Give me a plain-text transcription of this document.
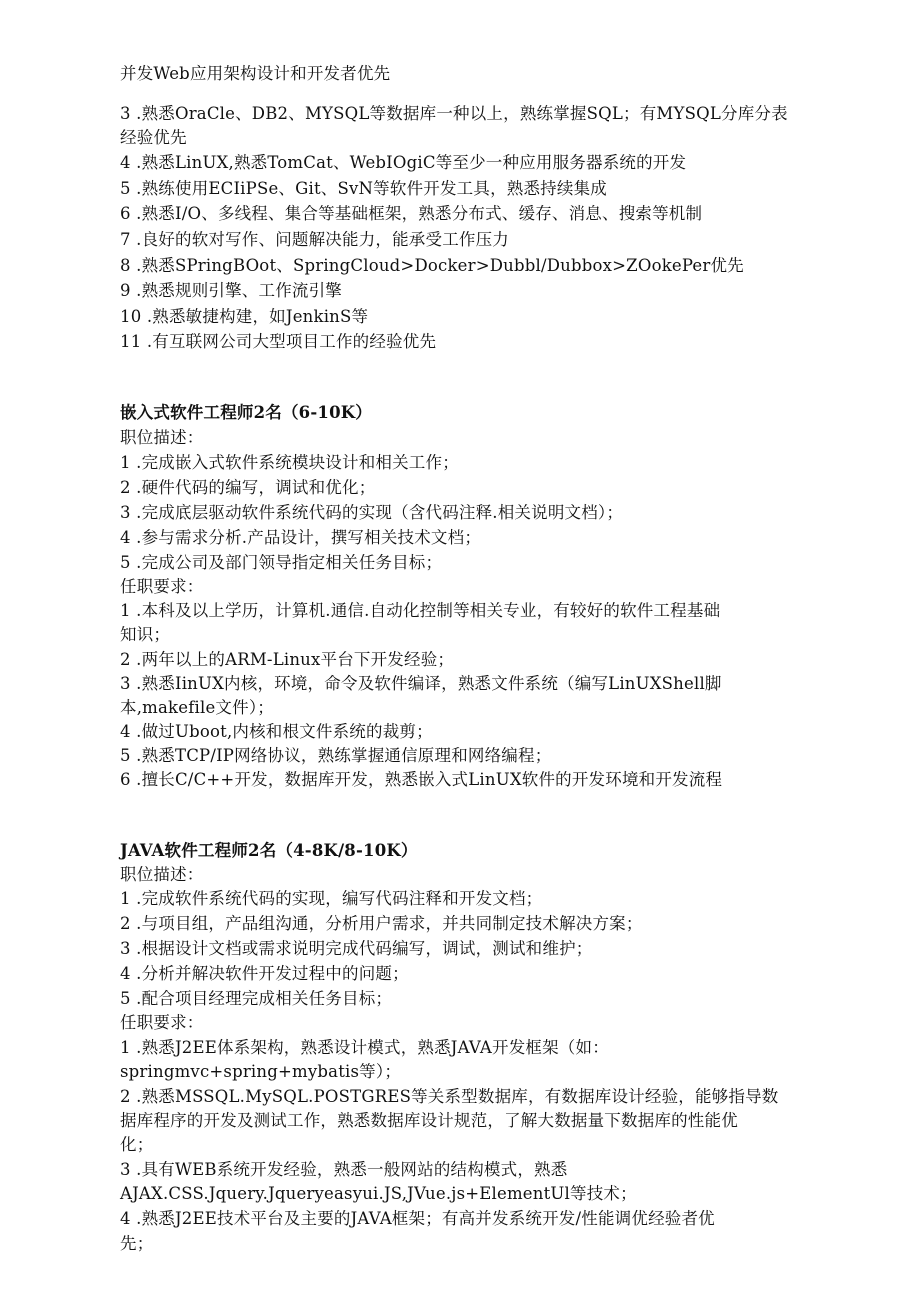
并发Web应用架构设计和开发者优先
3 .熟悉OraCle、DB2、MYSQL等数据库一种以上，熟练掌握SQL；有MYSQL分库分表
经验优先
4 .熟悉LinUX,熟悉TomCat、WebIOgiC等至少一种应用服务器系统的开发
5 .熟练使用ECIiPSe、Git、SvN等软件开发工具，熟悉持续集成
6 .熟悉I/O、多线程、集合等基础框架，熟悉分布式、缓存、消息、搜索等机制
7 .良好的软对写作、问题解决能力，能承受工作压力
8 .熟悉SPringBOot、SpringCloud>Docker>Dubbl/Dubbox>ZOokePer优先
9 .熟悉规则引擎、工作流引擎
10 .熟悉敏捷构建，如JenkinS等
11 .有互联网公司大型项目工作的经验优先
嵌入式软件工程师2名（6-10K）
职位描述：
1 .完成嵌入式软件系统模块设计和相关工作；
2 .硬件代码的编写，调试和优化；
3 .完成底层驱动软件系统代码的实现（含代码注释.相关说明文档）；
4 .参与需求分析.产品设计，撰写相关技术文档；
5 .完成公司及部门领导指定相关任务目标；
任职要求：
1 .本科及以上学历，计算机.通信.自动化控制等相关专业，有较好的软件工程基础
知识；
2 .两年以上的ARM-Linux平台下开发经验；
3 .熟悉IinUX内核，环境，命令及软件编译，熟悉文件系统（编写LinUXShell脚
本,makefile文件）；
4 .做过Uboot,内核和根文件系统的裁剪；
5 .熟悉TCP/IP网络协议，熟练掌握通信原理和网络编程；
6 .擅长C/C++开发，数据库开发，熟悉嵌入式LinUX软件的开发环境和开发流程
JAVA软件工程师2名（4-8K/8-10K）
职位描述：
1 .完成软件系统代码的实现，编写代码注释和开发文档；
2 .与项目组，产品组沟通，分析用户需求，并共同制定技术解决方案；
3 .根据设计文档或需求说明完成代码编写，调试，测试和维护；
4 .分析并解决软件开发过程中的问题；
5 .配合项目经理完成相关任务目标；
任职要求：
1 .熟悉J2EE体系架构，熟悉设计模式，熟悉JAVA开发框架（如：
springmvc+spring+mybatis等）；
2 .熟悉MSSQL.MySQL.POSTGRES等关系型数据库，有数据库设计经验，能够指导数
据库程序的开发及测试工作，熟悉数据库设计规范，了解大数据量下数据库的性能优
化；
3 .具有WEB系统开发经验，熟悉一般网站的结构模式，熟悉
AJAX.CSS.Jquery.Jqueryeasyui.JS,JVue.js+ElementUl等技术；
4 .熟悉J2EE技术平台及主要的JAVA框架；有高并发系统开发/性能调优经验者优
先；
